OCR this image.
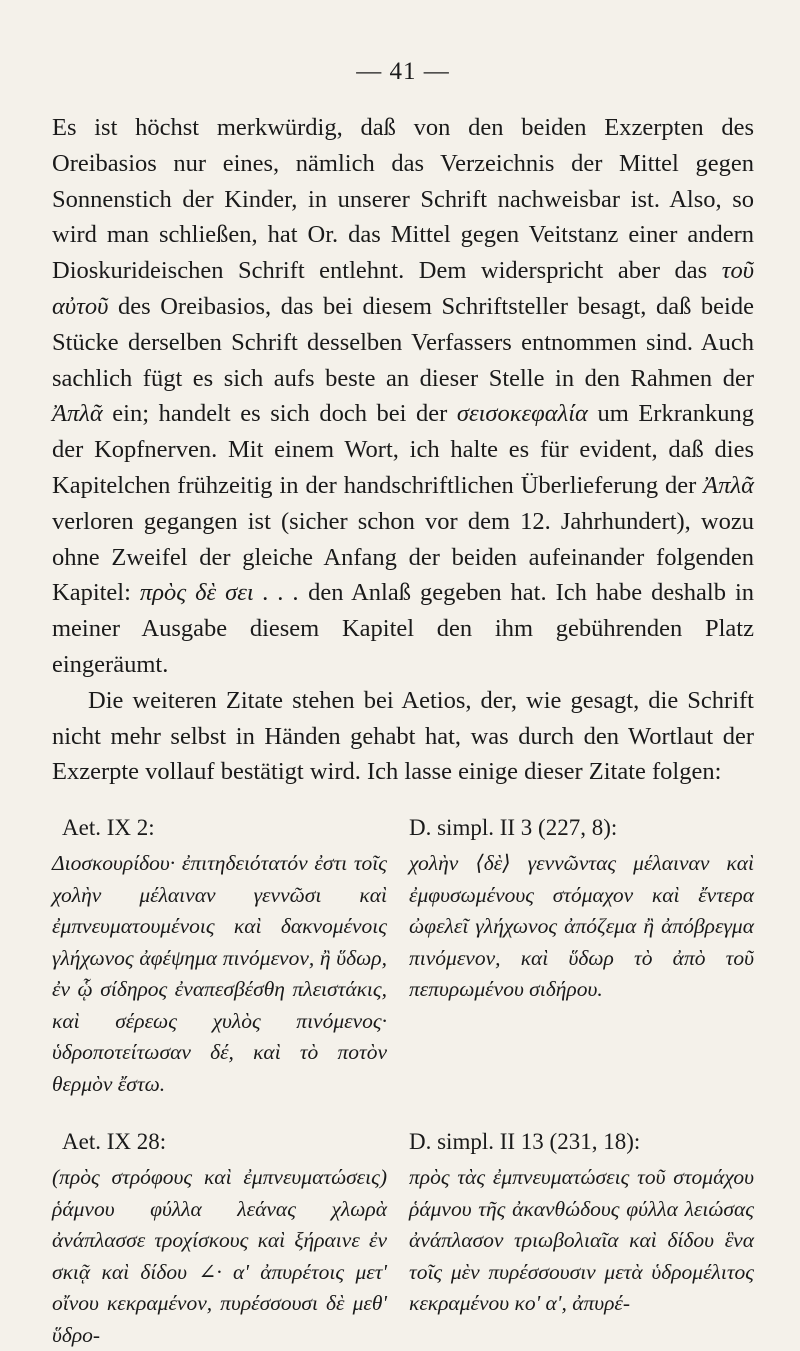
— 41 —

Es ist höchst merkwürdig, daß von den beiden Exzerpten des Oreibasios nur eines, nämlich das Verzeichnis der Mittel gegen Sonnenstich der Kinder, in unserer Schrift nachweisbar ist. Also, so wird man schließen, hat Or. das Mittel gegen Veitstanz einer andern Dioskurideischen Schrift entlehnt. Dem widerspricht aber das τοῦ αὐτοῦ des Oreibasios, das bei diesem Schriftsteller besagt, daß beide Stücke derselben Schrift desselben Verfassers entnommen sind. Auch sachlich fügt es sich aufs beste an dieser Stelle in den Rahmen der Ἀπλᾶ ein; handelt es sich doch bei der σεισοκεφαλία um Erkrankung der Kopfnerven. Mit einem Wort, ich halte es für evident, daß dies Kapitelchen frühzeitig in der handschriftlichen Überlieferung der Ἀπλᾶ verloren gegangen ist (sicher schon vor dem 12. Jahrhundert), wozu ohne Zweifel der gleiche Anfang der beiden aufeinander folgenden Kapitel: πρὸς δὲ σει . . . den Anlaß gegeben hat. Ich habe deshalb in meiner Ausgabe diesem Kapitel den ihm gebührenden Platz eingeräumt.

Die weiteren Zitate stehen bei Aetios, der, wie gesagt, die Schrift nicht mehr selbst in Händen gehabt hat, was durch den Wortlaut der Exzerpte vollauf bestätigt wird. Ich lasse einige dieser Zitate folgen:

Aet. IX 2:

Διοσκουρίδου· ἐπιτηδειότατόν ἐστι τοῖς χολὴν μέλαιναν γεννῶσι καὶ ἐμπνευματουμένοις καὶ δακνομένοις γλήχωνος ἀφέψημα πινόμενον, ἢ ὕδωρ, ἐν ᾧ σίδηρος ἐναπεσβέσθη πλειστάκις, καὶ σέρεως χυλὸς πινόμενος· ὑδροποτείτωσαν δέ, καὶ τὸ ποτὸν θερμὸν ἔστω.

D. simpl. II 3 (227, 8):

χολὴν ⟨δὲ⟩ γεννῶντας μέλαιναν καὶ ἐμφυσωμένους στόμαχον καὶ ἔντερα ὠφελεῖ γλήχωνος ἀπόζεμα ἢ ἀπόβρεγμα πινόμενον, καὶ ὕδωρ τὸ ἀπὸ τοῦ πεπυρωμένου σιδήρου.

Aet. IX 28:

(πρὸς στρόφους καὶ ἐμπνευματώσεις) ῥάμνου φύλλα λεάνας χλωρὰ ἀνάπλασσε τροχίσκους καὶ ξήραινε ἐν σκιᾷ καὶ δίδου ∠· α' ἀπυρέτοις μετ' οἴνου κεκραμένον, πυρέσσουσι δὲ μεθ' ὕδρο-

D. simpl. II 13 (231, 18):

πρὸς τὰς ἐμπνευματώσεις τοῦ στομάχου ῥάμνου τῆς ἀκανθώδους φύλλα λειώσας ἀνάπλασον τριωβολιαῖα καὶ δίδου ἓνα τοῖς μὲν πυρέσσουσιν μετὰ ὑδρομέλιτος κεκραμένου κο' α', ἀπυρέ-
